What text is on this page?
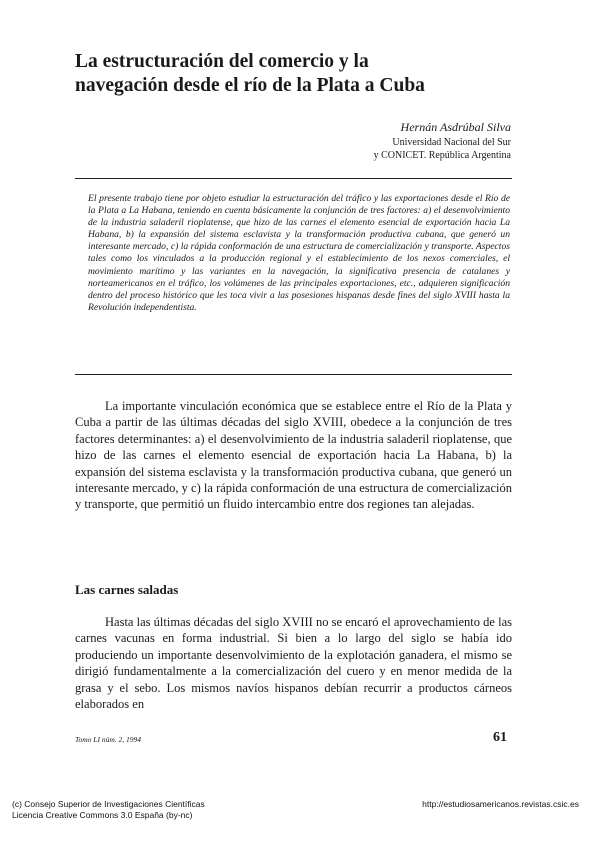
La estructuración del comercio y la
navegación desde el río de la Plata a Cuba
Hernán Asdrúbal Silva
Universidad Nacional del Sur
y CONICET. República Argentina

El presente trabajo tiene por objeto estudiar la estructuración del tráfico y las exportaciones desde el Río de la Plata a La Habana, teniendo en cuenta básicamente la conjunción de tres factores: a) el desenvolvimiento de la industria saladeril rioplatense, que hizo de las carnes el elemento esencial de exportación hacia La Habana, b) la expansión del sistema esclavista y la transformación productiva cubana, que generó un interesante mercado, c) la rápida conformación de una estructura de comercialización y transporte. Aspectos tales como los vinculados a la producción regional y el establecimiento de los nexos comerciales, el movimiento marítimo y las variantes en la navegación, la significativa presencia de catalanes y norteamericanos en el tráfico, los volúmenes de las principales exportaciones, etc., adquieren significación dentro del proceso histórico que les toca vivir a las posesiones hispanas desde fines del siglo XVIII hasta la Revolución independentista.

La importante vinculación económica que se establece entre el Río de la Plata y Cuba a partir de las últimas décadas del siglo XVIII, obedece a la conjunción de tres factores determinantes: a) el desenvolvimiento de la industria saladeril rioplatense, que hizo de las carnes el elemento esencial de exportación hacia La Habana, b) la expansión del sistema esclavista y la transformación productiva cubana, que generó un interesante mercado, y c) la rápida conformación de una estructura de comercialización y transporte, que permitió un fluido intercambio entre dos regiones tan alejadas.

Las carnes saladas

Hasta las últimas décadas del siglo XVIII no se encaró el aprovechamiento de las carnes vacunas en forma industrial. Si bien a lo largo del siglo se había ido produciendo un importante desenvolvimiento de la explotación ganadera, el mismo se dirigió fundamentalmente a la comercialización del cuero y en menor medida de la grasa y el sebo. Los mismos navíos hispanos debían recurrir a productos cárneos elaborados en

Tomo LI núm. 2, 1994	61
(c) Consejo Superior de Investigaciones Científicas
Licencia Creative Commons 3.0 España (by-nc)
http://estudiosamericanos.revistas.csic.es
